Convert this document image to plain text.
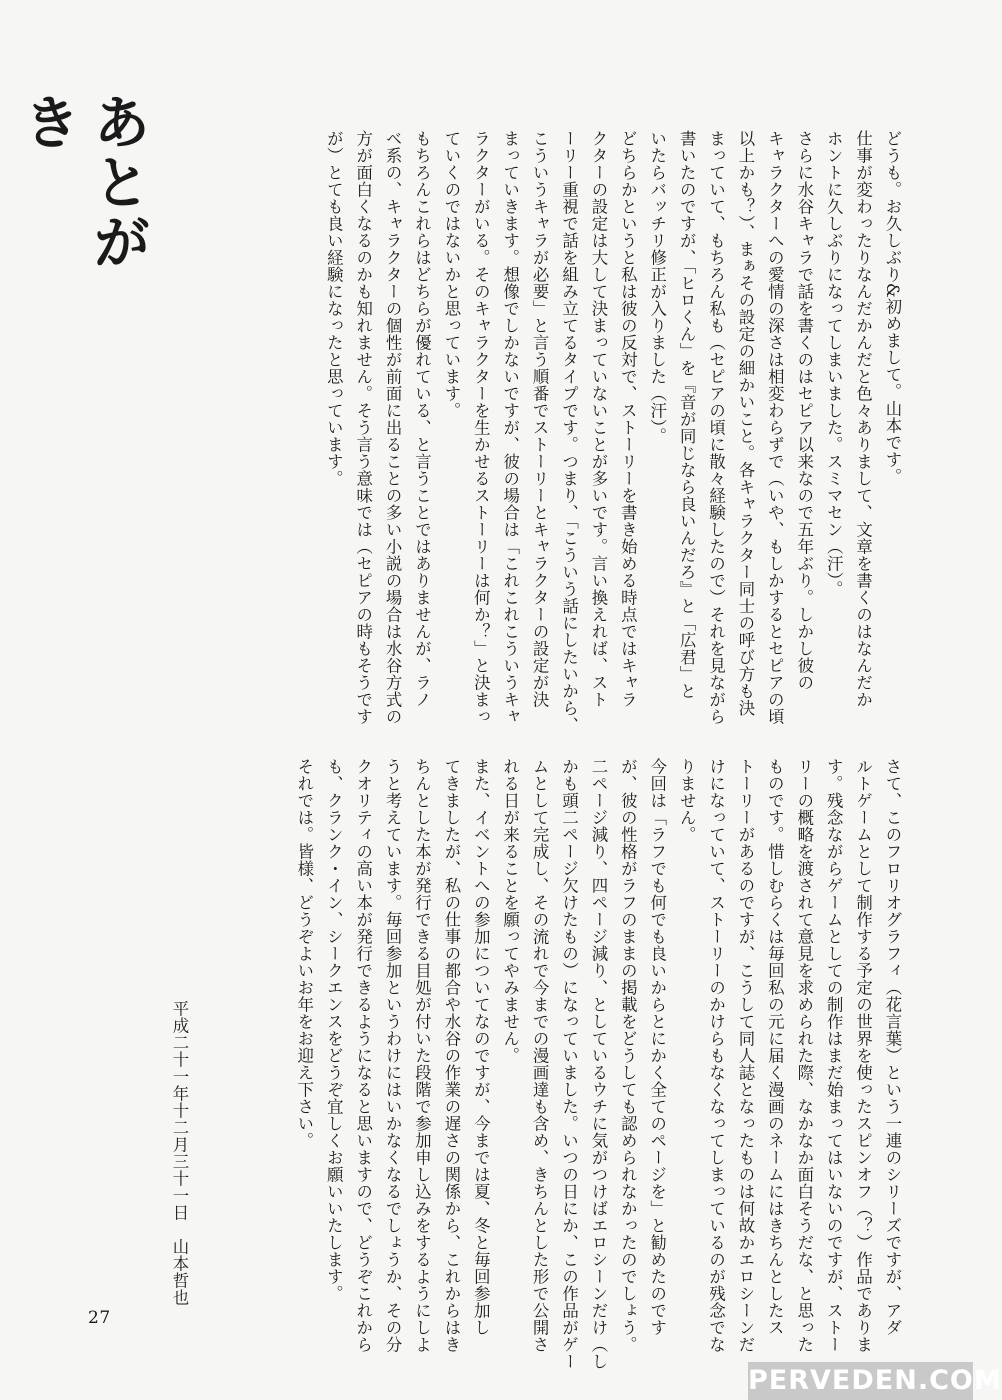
あとがき
どうも。お久しぶり&初めまして。山本です。
仕事が変わったりなんだかんだと色々ありまして、文章を書くのはなんだか
ホントに久しぶりになってしまいました。スミマセン（汗）。
さらに水谷キャラで話を書くのはセピア以来なので五年ぶり。しかし彼の
キャラクターへの愛情の深さは相変わらずで（いや、もしかするとセピアの頃
以上かも？）、まぁその設定の細かいこと。各キャラクター同士の呼び方も決
まっていて、もちろん私も（セピアの頃に散々経験したので）それを見ながら
書いたのですが、「ヒロくん」を『音が同じなら良いんだろ』と「広君」と
いたらバッチリ修正が入りました（汗）。
どちらかというと私は彼の反対で、ストーリーを書き始める時点ではキャラ
クターの設定は大して決まっていないことが多いです。言い換えれば、スト
ーリー重視で話を組み立てるタイプです。つまり、「こういう話にしたいから、
こういうキャラが必要」と言う順番でストーリーとキャラクターの設定が決
まっていきます。想像でしかないですが、彼の場合は「これこれこういうキャ
ラクターがいる。そのキャラクターを生かせるストーリーは何か？」と決まっ
ていくのではないかと思っています。
もちろんこれらはどちらが優れている、と言うことではありませんが、ラノ
ベ系の、キャラクターの個性が前面に出ることの多い小説の場合は水谷方式の
方が面白くなるのかも知れません。そう言う意味では（セピアの時もそうです
が）とても良い経験になったと思っています。
さて、このフロリオグラフィ（花言葉）という一連のシリーズですが、アダ
ルトゲームとして制作する予定の世界を使ったスピンオフ（？）作品でありま
す。残念ながらゲームとしての制作はまだ始まってはいないのですが、ストー
リーの概略を渡されて意見を求められた際、なかなか面白そうだな、と思った
ものです。惜しむらくは毎回私の元に届く漫画のネームにはきちんとしたス
トーリーがあるのですが、こうして同人誌となったものは何故かエロシーンだ
けになっていて、ストーリーのかけらもなくなってしまっているのが残念でな
りません。
今回は「ラフでも何でも良いからとにかく全てのページを」と勧めたのです
が、彼の性格がラフのままの掲載をどうしても認められなかったのでしょう。
二ページ減り、四ページ減り、としているウチに気がつけばエロシーンだけ（し
かも頭二ページ欠けたもの）になっていました。いつの日にか、この作品がゲー
ムとして完成し、その流れで今までの漫画達も含め、きちんとした形で公開さ
れる日が来ることを願ってやみません。
また、イベントへの参加についてなのですが、今までは夏、冬と毎回参加し
てきましたが、私の仕事の都合や水谷の作業の遅さの関係から、これからはき
ちんとした本が発行できる目処が付いた段階で参加申し込みをするようにしよ
うと考えています。毎回参加というわけにはいかなくなるでしょうか、その分
クオリティの高い本が発行できるようになると思いますので、どうぞこれから
も、クランク・イン、シークエンスをどうぞ宜しくお願いいたします。
それでは。皆様、どうぞよいお年をお迎え下さい。
平成二十一年十二月三十一日　山本哲也
27
PERVEDEN.COM
